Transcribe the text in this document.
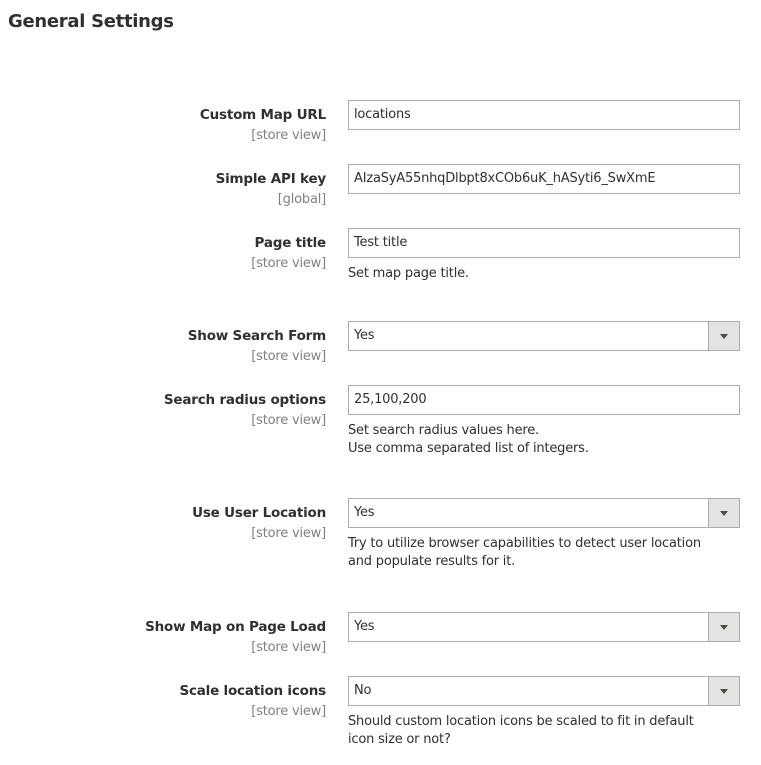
General Settings
Custom Map URL
[store view]
locations
Simple API key
[global]
AIzaSyA55nhqDlbpt8xCOb6uK_hASyti6_SwXmE
Page title
[store view]
Test title
Set map page title.
Show Search Form
[store view]
Yes
Search radius options
[store view]
25,100,200
Set search radius values here.
Use comma separated list of integers.
Use User Location
[store view]
Yes
Try to utilize browser capabilities to detect user location
and populate results for it.
Show Map on Page Load
[store view]
Yes
Scale location icons
[store view]
No
Should custom location icons be scaled to fit in default
icon size or not?
